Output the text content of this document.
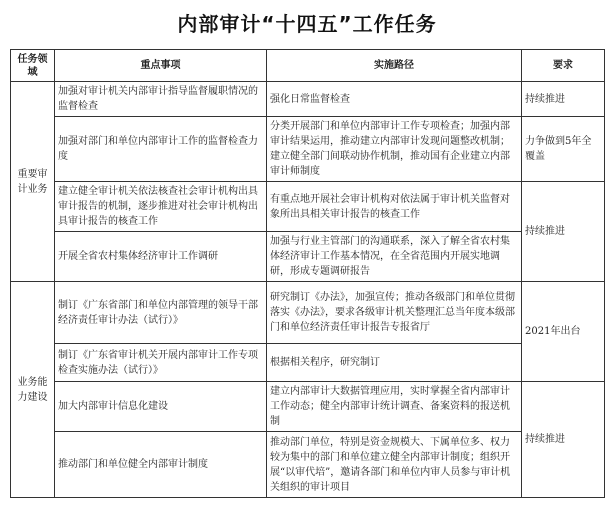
内部审计“十四五”工作任务
任务领域	重点事项	实施路径	要求
重要审计业务	加强对审计机关内部审计指导监督履职情况的监督检查	强化日常监督检查	持续推进
	加强对部门和单位内部审计工作的监督检查力度	分类开展部门和单位内部审计工作专项检查；加强内部审计结果运用，推动建立内部审计发现问题整改机制；建立健全部门间联动协作机制，推动国有企业建立内部审计师制度	力争做到5年全覆盖
	建立健全审计机关依法核查社会审计机构出具审计报告的机制，逐步推进对社会审计机构出具审计报告的核查工作	有重点地开展社会审计机构对依法属于审计机关监督对象所出具相关审计报告的核查工作	持续推进
	开展全省农村集体经济审计工作调研	加强与行业主管部门的沟通联系，深入了解全省农村集体经济审计工作基本情况，在全省范围内开展实地调研，形成专题调研报告	
业务能力建设	制订《广东省部门和单位内部管理的领导干部经济责任审计办法（试行）》	研究制订《办法》，加强宣传；推动各级部门和单位贯彻落实《办法》，要求各级审计机关整理汇总当年度本级部门和单位经济责任审计报告专报省厅	2021年出台
	制订《广东省审计机关开展内部审计工作专项检查实施办法（试行）》	根据相关程序，研究制订	
	加大内部审计信息化建设	建立内部审计大数据管理应用，实时掌握全省内部审计工作动态；健全内部审计统计调查、备案资料的报送机制	持续推进
	推动部门和单位健全内部审计制度	推动部门单位，特别是资金规模大、下属单位多、权力较为集中的部门和单位建立健全内部审计制度；组织开展“以审代培”，邀请各部门和单位内审人员参与审计机关组织的审计项目	
